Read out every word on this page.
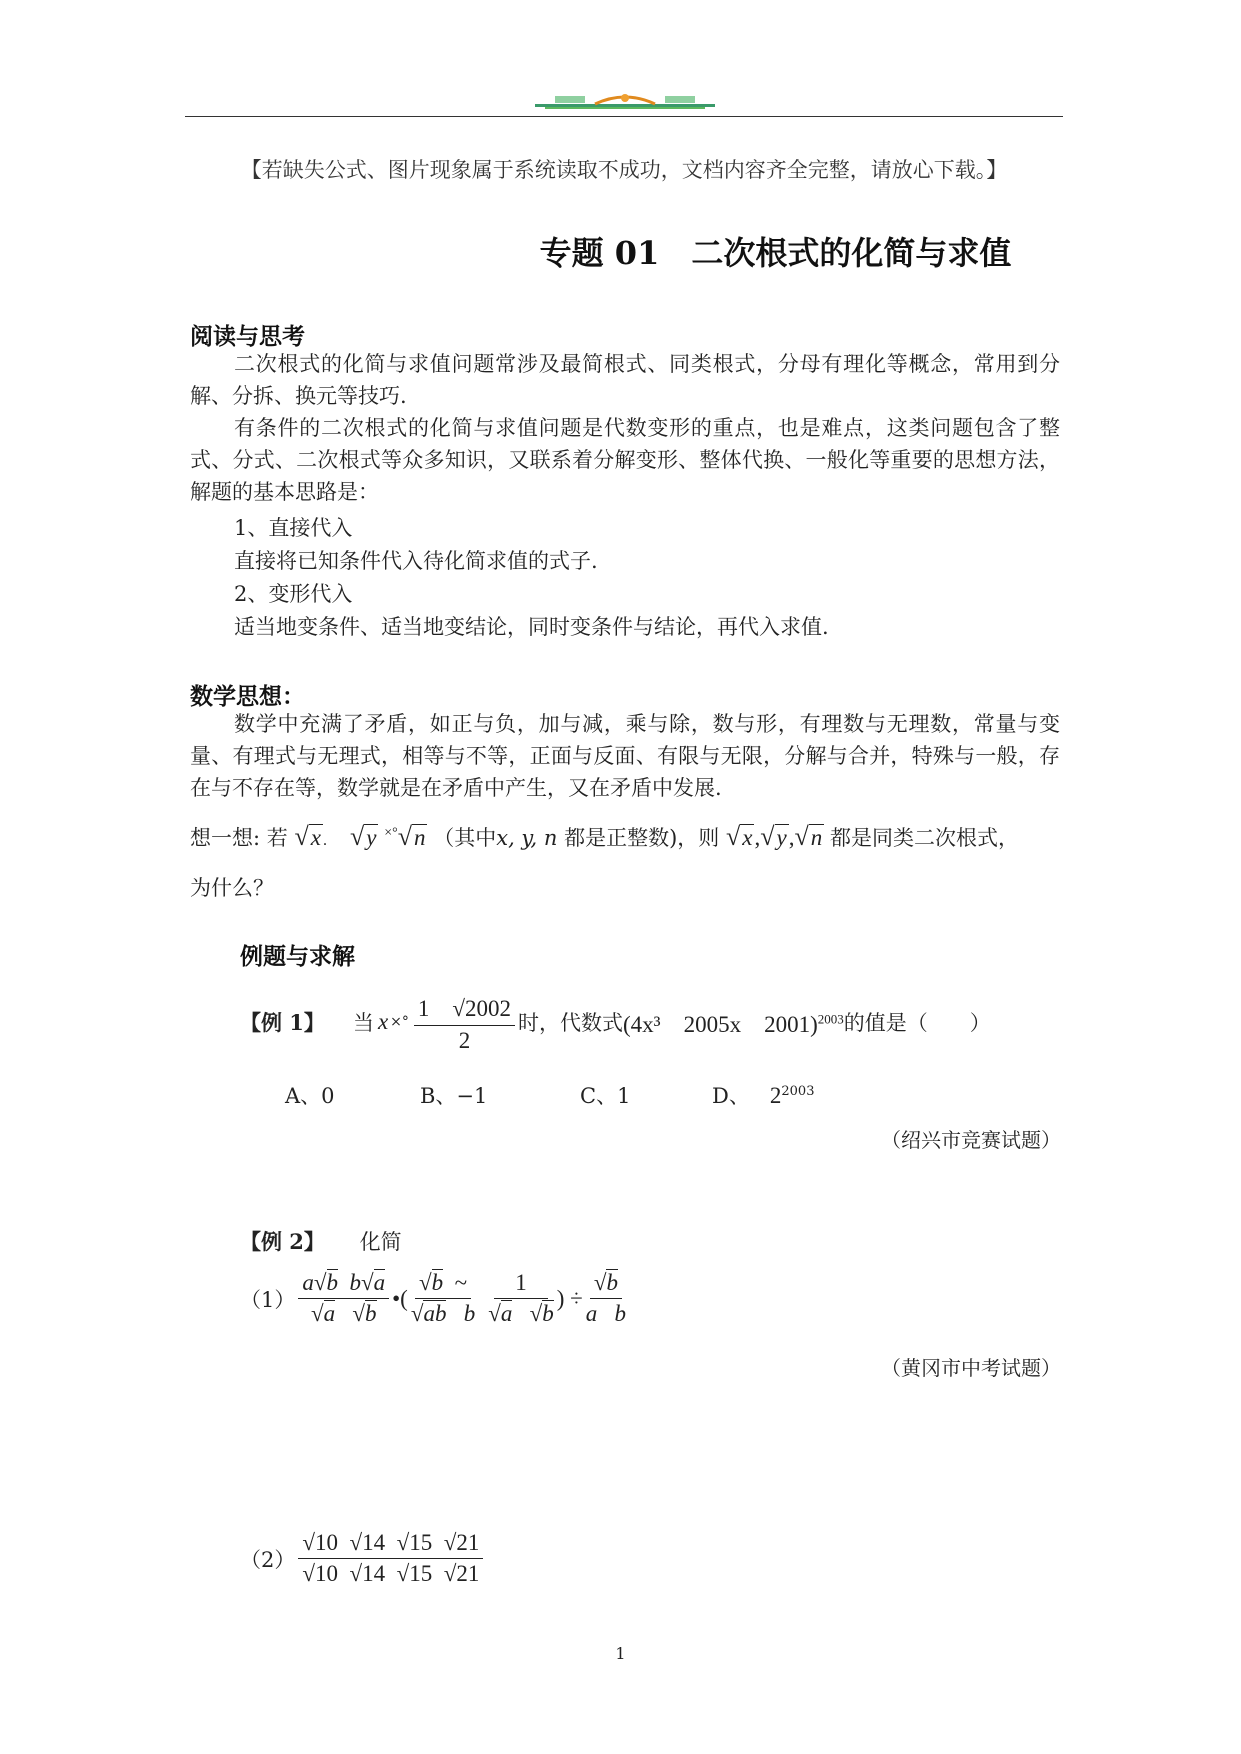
【若缺失公式、图片现象属于系统读取不成功，文档内容齐全完整，请放心下载。】
专题 01　二次根式的化简与求值
阅读与思考
二次根式的化简与求值问题常涉及最简根式、同类根式，分母有理化等概念，常用到分解、分拆、换元等技巧.
有条件的二次根式的化简与求值问题是代数变形的重点，也是难点，这类问题包含了整式、分式、二次根式等众多知识，又联系着分解变形、整体代换、一般化等重要的思想方法，解题的基本思路是：
1、直接代入
直接将已知条件代入待化简求值的式子.
2、变形代入
适当地变条件、适当地变结论，同时变条件与结论，再代入求值.
数学思想：
数学中充满了矛盾，如正与负，加与减，乘与除，数与形，有理数与无理数，常量与变量、有理式与无理式，相等与不等，正面与反面、有限与无限，分解与合并，特殊与一般，存在与不存在等，数学就是在矛盾中产生，又在矛盾中发展.
想一想: 若 √x . √y ×°√n （其中x, y, n 都是正整数)，则 √x,√y,√n 都是同类二次根式，
为什么？
例题与求解
【例 1】 当 x ×° $\frac{1 √2002}{2}$ 时，代数式 (4x³　2005x　2001)$^{2003}$ 的值是（　　）
A、0	B、−1	C、1	D、 $2^{2003}$
（绍兴市竞赛试题）
【例 2】 化简
$(1) \frac{\text{a√b b√a}}{√a √b}$ •( $\frac{√b \sim}{\text{√ab b}} \frac{1}{√a √b}$ ) ÷ $\frac{√b}{\text{a b}}$
（黄冈市中考试题）
$(2) \frac{√10 √14 √15 √21}{√10 √14 √15 √21}$
1
